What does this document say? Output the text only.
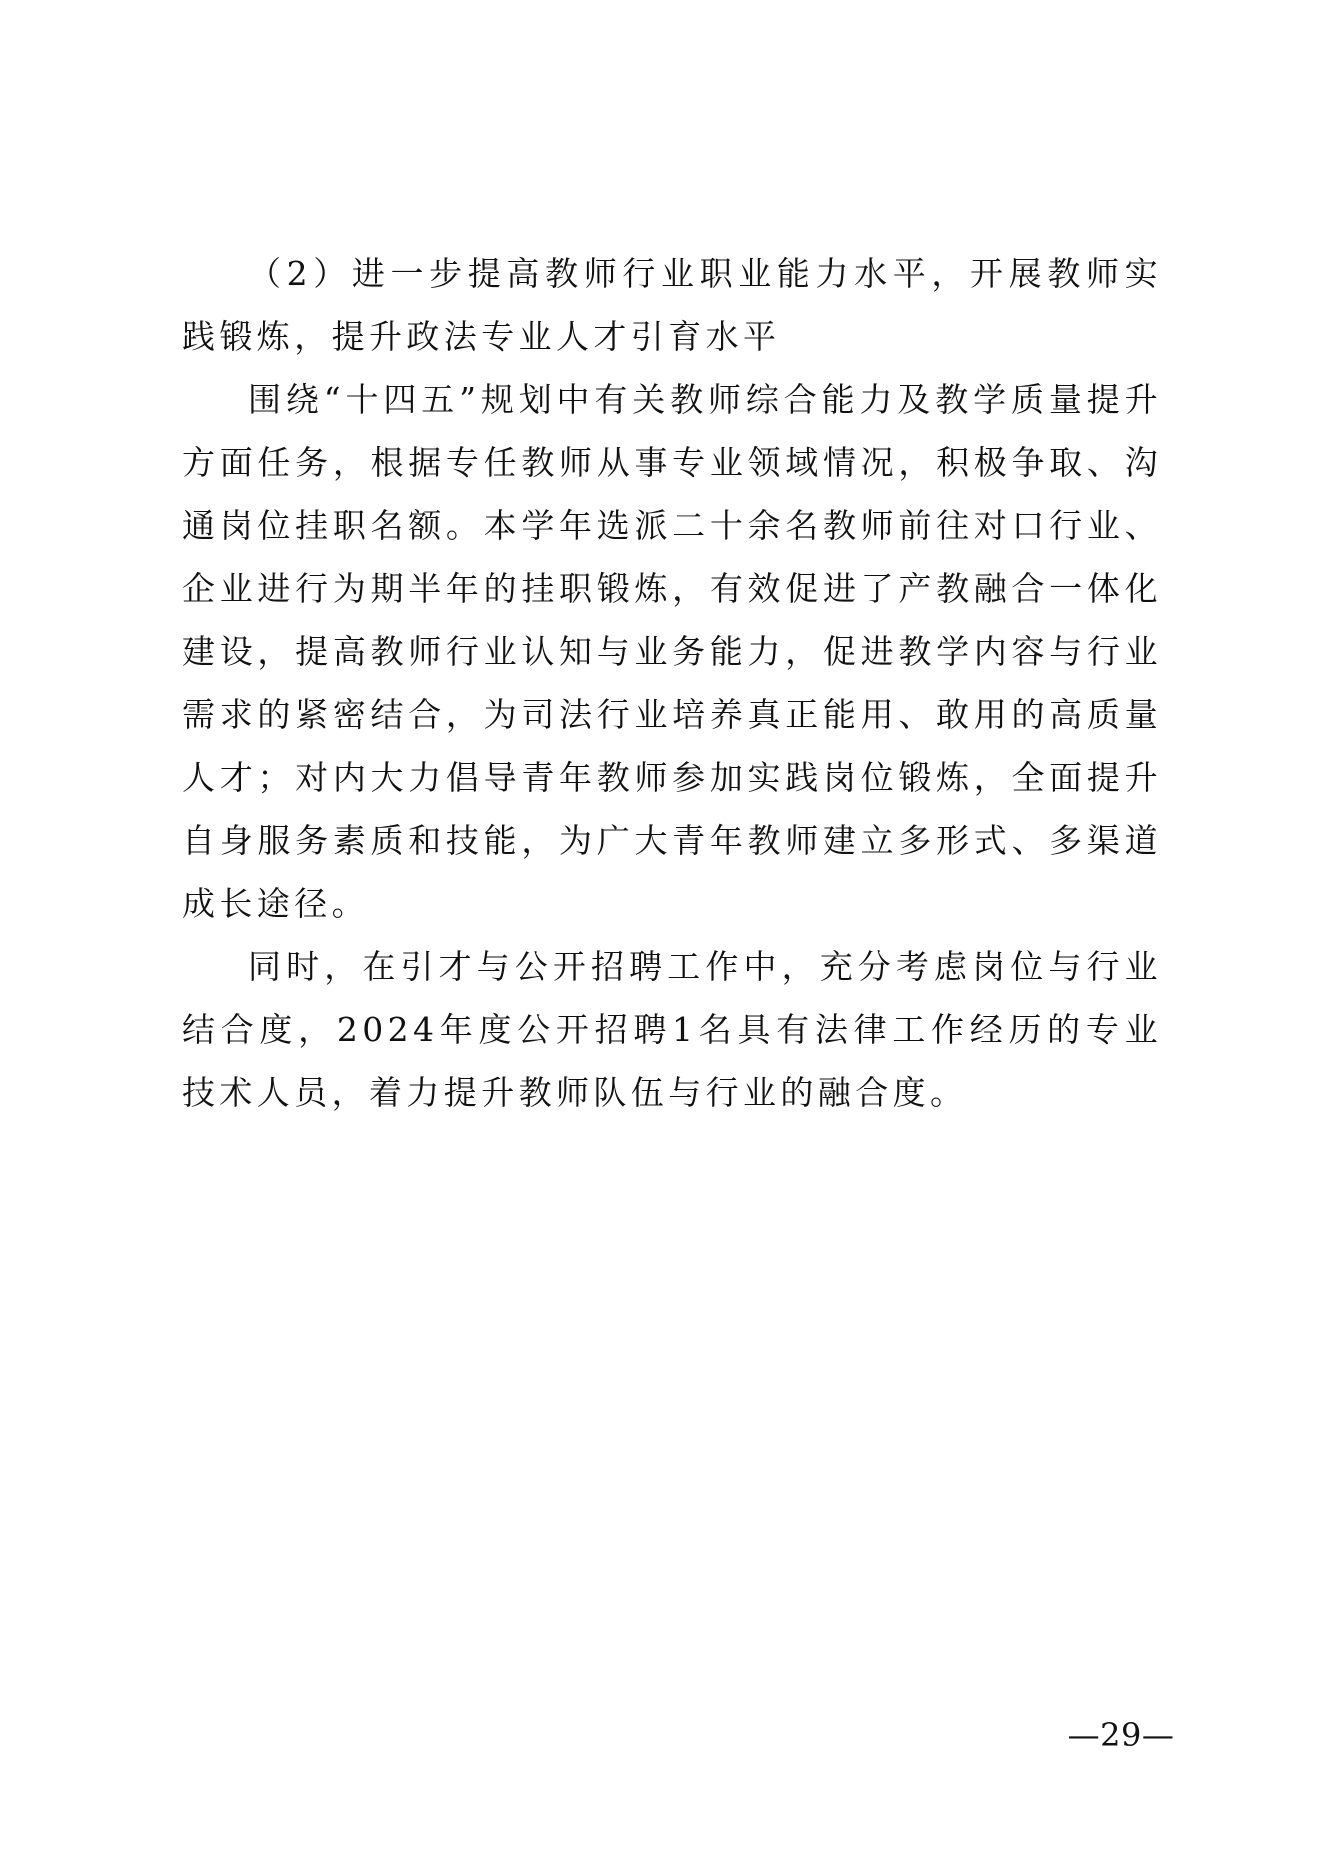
（2）进一步提高教师行业职业能力水平，开展教师实践锻炼，提升政法专业人才引育水平

围绕“十四五”规划中有关教师综合能力及教学质量提升方面任务，根据专任教师从事专业领域情况，积极争取、沟通岗位挂职名额。本学年选派二十余名教师前往对口行业、企业进行为期半年的挂职锻炼，有效促进了产教融合一体化建设，提高教师行业认知与业务能力，促进教学内容与行业需求的紧密结合，为司法行业培养真正能用、敢用的高质量人才；对内大力倡导青年教师参加实践岗位锻炼，全面提升自身服务素质和技能，为广大青年教师建立多形式、多渠道成长途径。

同时，在引才与公开招聘工作中，充分考虑岗位与行业结合度，2024年度公开招聘1名具有法律工作经历的专业技术人员，着力提升教师队伍与行业的融合度。

—29—
